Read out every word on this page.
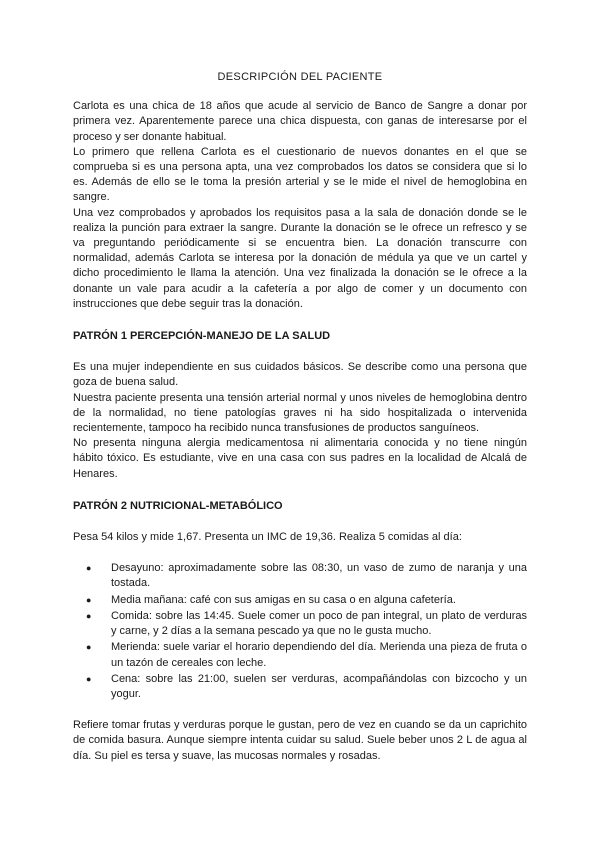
DESCRIPCIÓN DEL PACIENTE

Carlota es una chica de 18 años que acude al servicio de Banco de Sangre a donar por primera vez. Aparentemente parece una chica dispuesta, con ganas de interesarse por el proceso y ser donante habitual.

Lo primero que rellena Carlota es el cuestionario de nuevos donantes en el que se comprueba si es una persona apta, una vez comprobados los datos se considera que si lo es. Además de ello se le toma la presión arterial y se le mide el nivel de hemoglobina en sangre.

Una vez comprobados y aprobados los requisitos pasa a la sala de donación donde se le realiza la punción para extraer la sangre. Durante la donación se le ofrece un refresco y se va preguntando periódicamente si se encuentra bien. La donación transcurre con normalidad, además Carlota se interesa por la donación de médula ya que ve un cartel y dicho procedimiento le llama la atención. Una vez finalizada la donación se le ofrece a la donante un vale para acudir a la cafetería a por algo de comer y un documento con instrucciones que debe seguir tras la donación.

PATRÓN 1 PERCEPCIÓN-MANEJO DE LA SALUD

Es una mujer independiente en sus cuidados básicos. Se describe como una persona que goza de buena salud.

Nuestra paciente presenta una tensión arterial normal y unos niveles de hemoglobina dentro de la normalidad, no tiene patologías graves ni ha sido hospitalizada o intervenida recientemente, tampoco ha recibido nunca transfusiones de productos sanguíneos.

No presenta ninguna alergia medicamentosa ni alimentaria conocida y no tiene ningún hábito tóxico. Es estudiante, vive en una casa con sus padres en la localidad de Alcalá de Henares.

PATRÓN 2 NUTRICIONAL-METABÓLICO

Pesa 54 kilos y mide 1,67. Presenta un IMC de 19,36. Realiza 5 comidas al día:

● Desayuno: aproximadamente sobre las 08:30, un vaso de zumo de naranja y una tostada.
● Media mañana: café con sus amigas en su casa o en alguna cafetería.
● Comida: sobre las 14:45. Suele comer un poco de pan integral, un plato de verduras y carne, y 2 días a la semana pescado ya que no le gusta mucho.
● Merienda: suele variar el horario dependiendo del día. Merienda una pieza de fruta o un tazón de cereales con leche.
● Cena: sobre las 21:00, suelen ser verduras, acompañándolas con bizcocho y un yogur.

Refiere tomar frutas y verduras porque le gustan, pero de vez en cuando se da un caprichito de comida basura. Aunque siempre intenta cuidar su salud. Suele beber unos 2 L de agua al día. Su piel es tersa y suave, las mucosas normales y rosadas.
